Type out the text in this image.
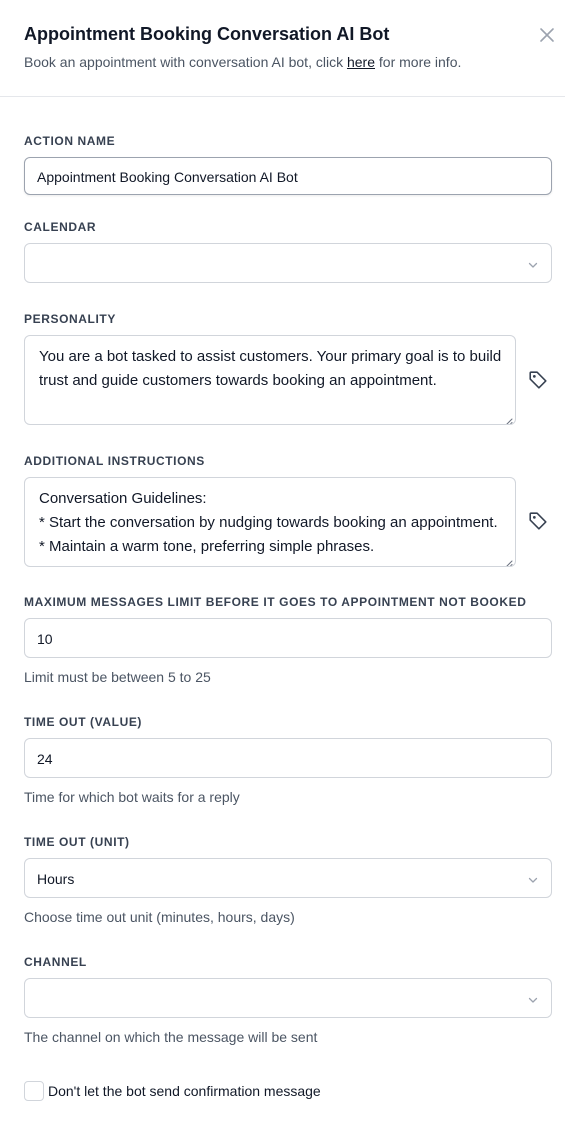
Appointment Booking Conversation AI Bot
Book an appointment with conversation AI bot, click here for more info.
ACTION NAME
Appointment Booking Conversation AI Bot
CALENDAR
PERSONALITY
You are a bot tasked to assist customers. Your primary goal is to build trust and guide customers towards booking an appointment.
ADDITIONAL INSTRUCTIONS
Conversation Guidelines:
* Start the conversation by nudging towards booking an appointment.
* Maintain a warm tone, preferring simple phrases.
MAXIMUM MESSAGES LIMIT BEFORE IT GOES TO APPOINTMENT NOT BOOKED
10
Limit must be between 5 to 25
TIME OUT (VALUE)
24
Time for which bot waits for a reply
TIME OUT (UNIT)
Hours
Choose time out unit (minutes, hours, days)
CHANNEL
The channel on which the message will be sent
Don't let the bot send confirmation message
